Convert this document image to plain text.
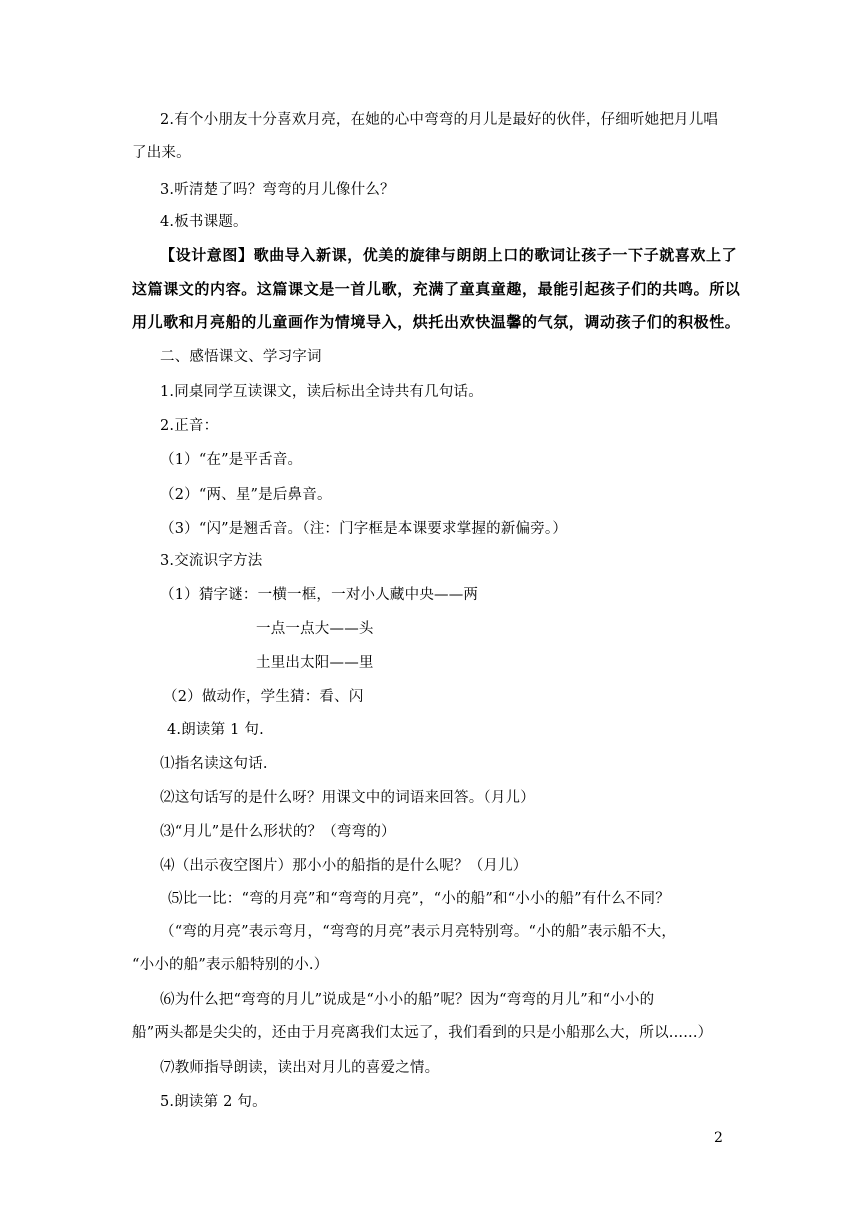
2.有个小朋友十分喜欢月亮，在她的心中弯弯的月儿是最好的伙伴，仔细听她把月儿唱
了出来。
3.听清楚了吗？弯弯的月儿像什么？
4.板书课题。
【设计意图】歌曲导入新课，优美的旋律与朗朗上口的歌词让孩子一下子就喜欢上了
这篇课文的内容。这篇课文是一首儿歌，充满了童真童趣，最能引起孩子们的共鸣。所以
用儿歌和月亮船的儿童画作为情境导入，烘托出欢快温馨的气氛，调动孩子们的积极性。
二、感悟课文、学习字词
1.同桌同学互读课文，读后标出全诗共有几句话。
2.正音：
（1）“在”是平舌音。
（2）“两、星”是后鼻音。
（3）“闪”是翘舌音。（注：门字框是本课要求掌握的新偏旁。）
3.交流识字方法
（1）猜字谜：一横一框，一对小人藏中央——两
一点一点大——头
土里出太阳——里
（2）做动作，学生猜：看、闪
4.朗读第 1 句.
⑴指名读这句话.
⑵这句话写的是什么呀？用课文中的词语来回答。（月儿）
⑶“月儿”是什么形状的？（弯弯的）
⑷（出示夜空图片）那小小的船指的是什么呢？（月儿）
⑸比一比：“弯的月亮”和“弯弯的月亮”，“小的船”和“小小的船”有什么不同？
（“弯的月亮”表示弯月，“弯弯的月亮”表示月亮特别弯。“小的船”表示船不大，
“小小的船”表示船特别的小.）
⑹为什么把“弯弯的月儿”说成是“小小的船”呢？因为“弯弯的月儿”和“小小的
船”两头都是尖尖的，还由于月亮离我们太远了，我们看到的只是小船那么大，所以......）
⑺教师指导朗读，读出对月儿的喜爱之情。
5.朗读第 2 句。
2
